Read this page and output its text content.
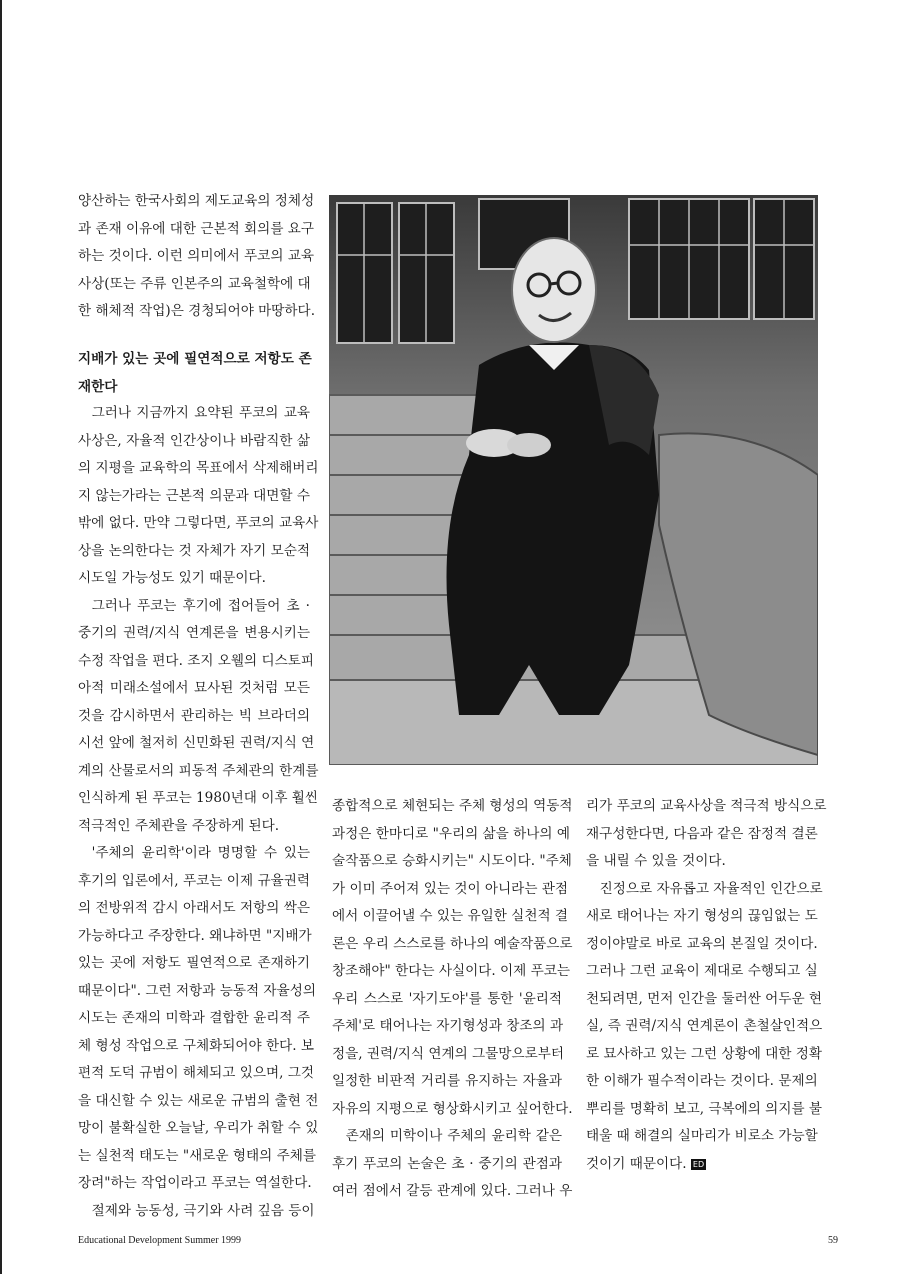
양산하는 한국사회의 제도교육의 정체성

과 존재 이유에 대한 근본적 회의를 요구

하는 것이다. 이런 의미에서 푸코의 교육

사상(또는 주류 인본주의 교육철학에 대

한 해체적 작업)은 경청되어야 마땅하다.

지배가 있는 곳에 필연적으로 저항도 존

재한다

그러나 지금까지 요약된 푸코의 교육

사상은, 자율적 인간상이나 바람직한 삶

의 지평을 교육학의 목표에서 삭제해버리

지 않는가라는 근본적 의문과 대면할 수

밖에 없다. 만약 그렇다면, 푸코의 교육사

상을 논의한다는 것 자체가 자기 모순적

시도일 가능성도 있기 때문이다.

그러나 푸코는 후기에 접어들어 초 ·

중기의 권력/지식 연계론을 변용시키는

수정 작업을 편다. 조지 오웰의 디스토피

아적 미래소설에서 묘사된 것처럼 모든

것을 감시하면서 관리하는 빅 브라더의

시선 앞에 철저히 신민화된 권력/지식 연

계의 산물로서의 피동적 주체관의 한계를

인식하게 된 푸코는 1980년대 이후 훨씬

적극적인 주체관을 주장하게 된다.

'주체의 윤리학'이라 명명할 수 있는

후기의 입론에서, 푸코는 이제 규율권력

의 전방위적 감시 아래서도 저항의 싹은

가능하다고 주장한다. 왜냐하면 "지배가

있는 곳에 저항도 필연적으로 존재하기

때문이다". 그런 저항과 능동적 자율성의

시도는 존재의 미학과 결합한 윤리적 주

체 형성 작업으로 구체화되어야 한다. 보

편적 도덕 규범이 해체되고 있으며, 그것

을 대신할 수 있는 새로운 규범의 출현 전

망이 불확실한 오늘날, 우리가 취할 수 있

는 실천적 태도는 "새로운 형태의 주체를

장려"하는 작업이라고 푸코는 역설한다.

절제와 능동성, 극기와 사려 깊음 등이

종합적으로 체현되는 주체 형성의 역동적

과정은 한마디로 "우리의 삶을 하나의 예

술작품으로 승화시키는" 시도이다. "주체

가 이미 주어져 있는 것이 아니라는 관점

에서 이끌어낼 수 있는 유일한 실천적 결

론은 우리 스스로를 하나의 예술작품으로

창조해야" 한다는 사실이다. 이제 푸코는

우리 스스로 '자기도야'를 통한 '윤리적

주체'로 태어나는 자기형성과 창조의 과

정을, 권력/지식 연계의 그물망으로부터

일정한 비판적 거리를 유지하는 자율과

자유의 지평으로 형상화시키고 싶어한다.

존재의 미학이나 주체의 윤리학 같은

후기 푸코의 논술은 초 · 중기의 관점과

여러 점에서 갈등 관계에 있다. 그러나 우

리가 푸코의 교육사상을 적극적 방식으로

재구성한다면, 다음과 같은 잠정적 결론

을 내릴 수 있을 것이다.

진정으로 자유롭고 자율적인 인간으로

새로 태어나는 자기 형성의 끊임없는 도

정이야말로 바로 교육의 본질일 것이다.

그러나 그런 교육이 제대로 수행되고 실

천되려면, 먼저 인간을 둘러싼 어두운 현

실, 즉 권력/지식 연계론이 촌철살인적으

로 묘사하고 있는 그런 상황에 대한 정확

한 이해가 필수적이라는 것이다. 문제의

뿌리를 명확히 보고, 극복에의 의지를 불

태울 때 해결의 실마리가 비로소 가능할

것이기 때문이다. ED

Educational Development Summer 1999	59
